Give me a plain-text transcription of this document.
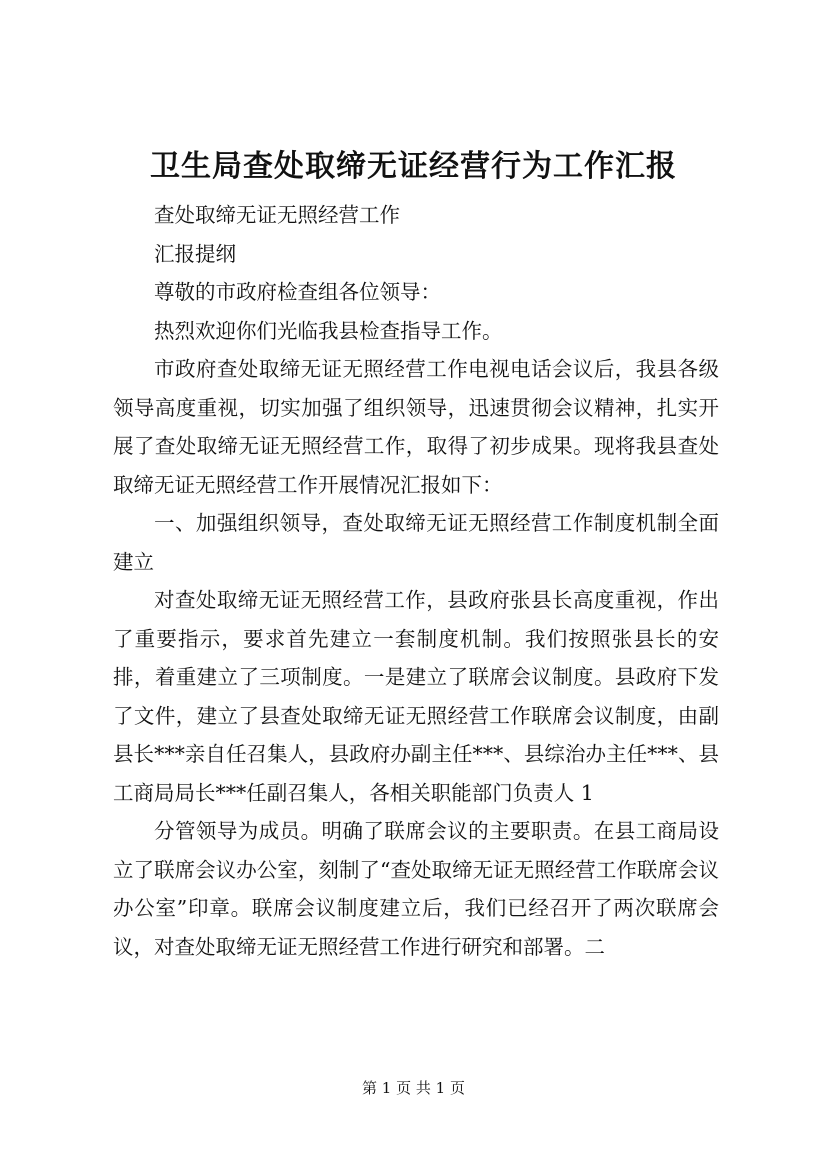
卫生局查处取缔无证经营行为工作汇报

查处取缔无证无照经营工作

汇报提纲

尊敬的市政府检查组各位领导：

热烈欢迎你们光临我县检查指导工作。

市政府查处取缔无证无照经营工作电视电话会议后，我县各级领导高度重视，切实加强了组织领导，迅速贯彻会议精神，扎实开展了查处取缔无证无照经营工作，取得了初步成果。现将我县查处取缔无证无照经营工作开展情况汇报如下：

一、加强组织领导，查处取缔无证无照经营工作制度机制全面建立

对查处取缔无证无照经营工作，县政府张县长高度重视，作出了重要指示，要求首先建立一套制度机制。我们按照张县长的安排，着重建立了三项制度。一是建立了联席会议制度。县政府下发了文件，建立了县查处取缔无证无照经营工作联席会议制度，由副县长***亲自任召集人，县政府办副主任***、县综治办主任***、县工商局局长***任副召集人，各相关职能部门负责人 1

分管领导为成员。明确了联席会议的主要职责。在县工商局设立了联席会议办公室，刻制了“查处取缔无证无照经营工作联席会议办公室”印章。联席会议制度建立后，我们已经召开了两次联席会议，对查处取缔无证无照经营工作进行研究和部署。二

第 1 页 共 1 页
